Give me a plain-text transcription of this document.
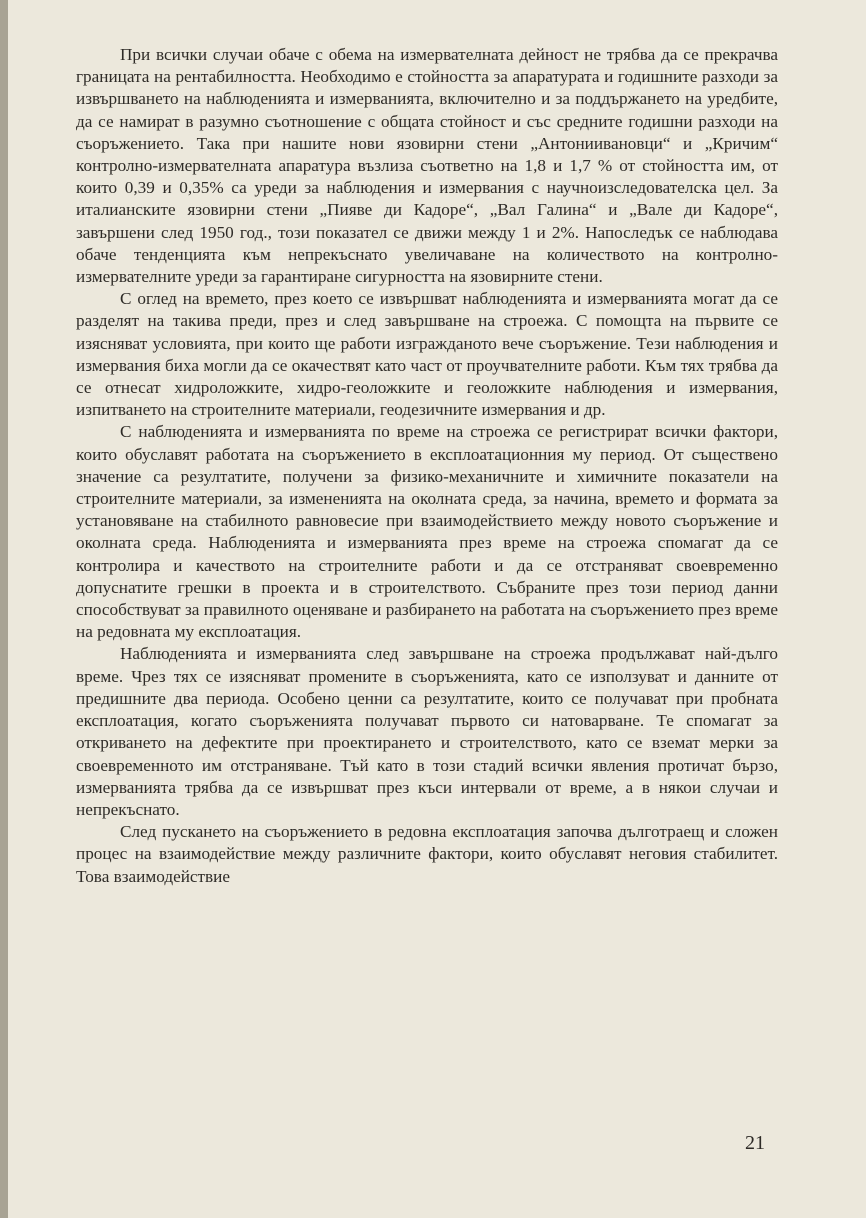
При всички случаи обаче с обема на измервателната дейност не трябва да се прекрачва границата на рентабилността. Необходимо е стойността за апаратурата и годишните разходи за извършването на наблюденията и измерванията, включително и за поддържането на уредбите, да се намират в разумно съотношение с общата стойност и със средните годишни разходи на съоръжението. Така при нашите нови язовирни стени „Антониивановци“ и „Кричим“ контролно-измервателната апаратура възлиза съответно на 1,8 и 1,7 % от стойността им, от които 0,39 и 0,35% са уреди за наблюдения и измервания с научноизследователска цел. За италианските язовирни стени „Пияве ди Кадоре“, „Вал Галина“ и „Вале ди Кадоре“, завършени след 1950 год., този показател се движи между 1 и 2%. Напоследък се наблюдава обаче тенденцията към непрекъснато увеличаване на количеството на контролно-измервателните уреди за гарантиране сигурността на язовирните стени.

С оглед на времето, през което се извършват наблюденията и измерванията могат да се разделят на такива преди, през и след завършване на строежа. С помощта на първите се изясняват условията, при които ще работи изгражданото вече съоръжение. Тези наблюдения и измервания биха могли да се окачествят като част от проучвателните работи. Към тях трябва да се отнесат хидроложките, хидро-геоложките и геоложките наблюдения и измервания, изпитването на строителните материали, геодезичните измервания и др.

С наблюденията и измерванията по време на строежа се регистрират всички фактори, които обуславят работата на съоръжението в експлоатационния му период. От съществено значение са резултатите, получени за физико-механичните и химичните показатели на строителните материали, за измененията на околната среда, за начина, времето и формата за установяване на стабилното равновесие при взаимодействието между новото съоръжение и околната среда. Наблюденията и измерванията през време на строежа спомагат да се контролира и качеството на строителните работи и да се отстраняват своевременно допуснатите грешки в проекта и в строителството. Събраните през този период данни способствуват за правилното оценяване и разбирането на работата на съоръжението през време на редовната му експлоатация.

Наблюденията и измерванията след завършване на строежа продължават най-дълго време. Чрез тях се изясняват промените в съоръженията, като се използуват и данните от предишните два периода. Особено ценни са резултатите, които се получават при пробната експлоатация, когато съоръженията получават първото си натоварване. Те спомагат за откриването на дефектите при проектирането и строителството, като се вземат мерки за своевременното им отстраняване. Тъй като в този стадий всички явления протичат бързо, измерванията трябва да се извършват през къси интервали от време, а в някои случаи и непрекъснато.

След пускането на съоръжението в редовна експлоатация започва дълготраещ и сложен процес на взаимодействие между различните фактори, които обуславят неговия стабилитет. Това взаимодействие

21
